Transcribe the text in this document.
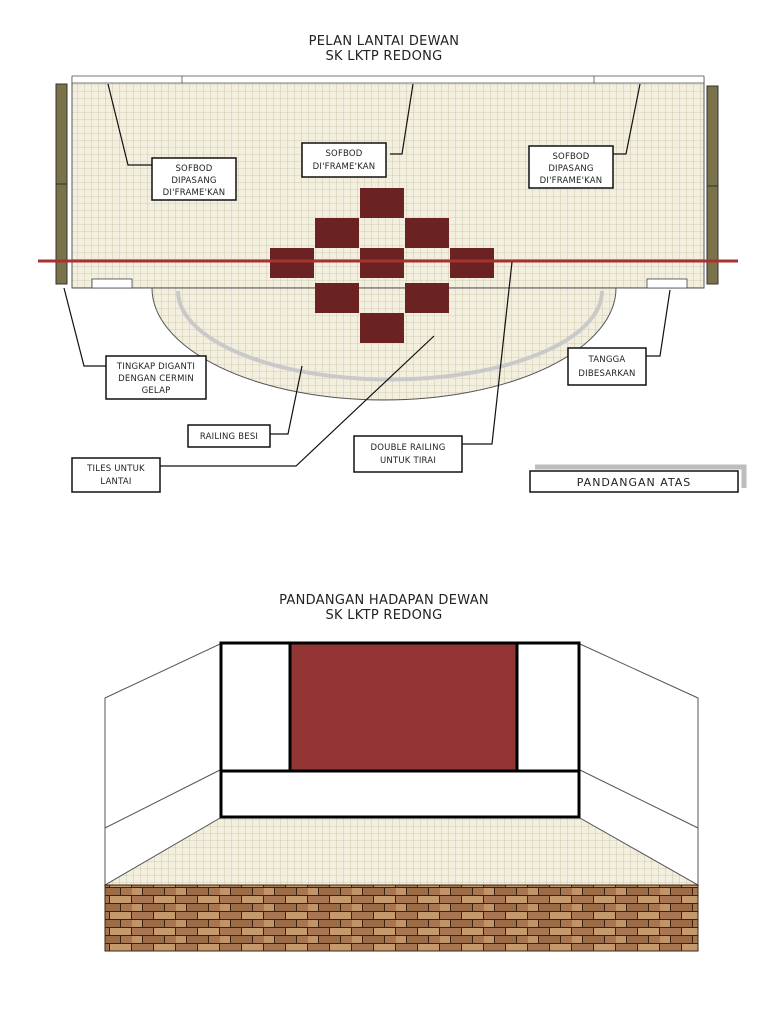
PELAN LANTAI DEWAN
SK LKTP REDONG
SOFBOD
DIPASANG
DI'FRAME'KAN
SOFBOD
DI'FRAME'KAN
SOFBOD
DIPASANG
DI'FRAME'KAN
TINGKAP DIGANTI
DENGAN CERMIN
GELAP
TANGGA
DIBESARKAN
RAILING BESI
TILES UNTUK
LANTAI
DOUBLE RAILING
UNTUK TIRAI
PANDANGAN ATAS
PANDANGAN HADAPAN DEWAN
SK LKTP REDONG
